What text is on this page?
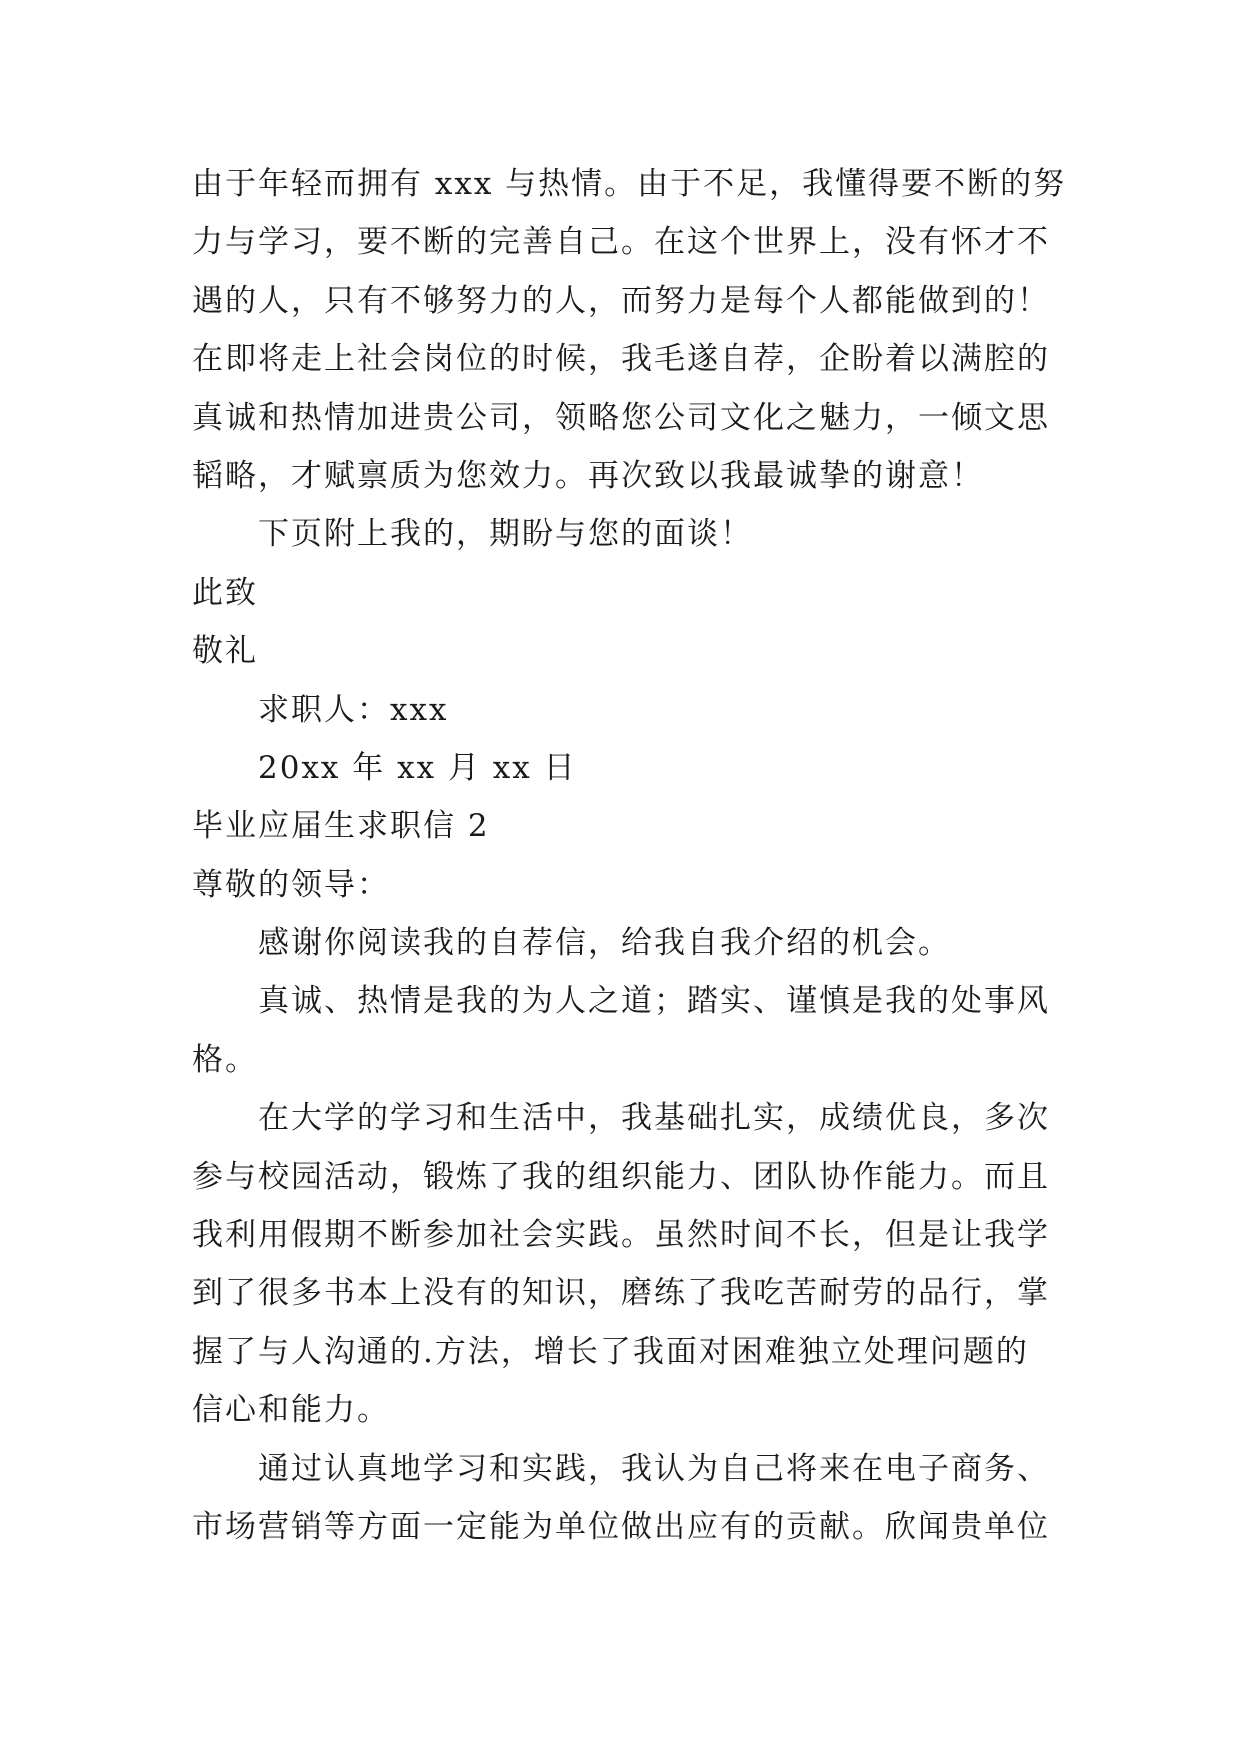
由于年轻而拥有 xxx 与热情。由于不足，我懂得要不断的努
力与学习，要不断的完善自己。在这个世界上，没有怀才不
遇的人，只有不够努力的人，而努力是每个人都能做到的！
在即将走上社会岗位的时候，我毛遂自荐，企盼着以满腔的
真诚和热情加进贵公司，领略您公司文化之魅力，一倾文思
韬略，才赋禀质为您效力。再次致以我最诚挚的谢意！
下页附上我的，期盼与您的面谈！
此致
敬礼
求职人：xxx
20xx 年 xx 月 xx 日
毕业应届生求职信 2
尊敬的领导：
感谢你阅读我的自荐信，给我自我介绍的机会。
真诚、热情是我的为人之道；踏实、谨慎是我的处事风
格。
在大学的学习和生活中，我基础扎实，成绩优良，多次
参与校园活动，锻炼了我的组织能力、团队协作能力。而且
我利用假期不断参加社会实践。虽然时间不长，但是让我学
到了很多书本上没有的知识，磨练了我吃苦耐劳的品行，掌
握了与人沟通的.方法，增长了我面对困难独立处理问题的
信心和能力。
通过认真地学习和实践，我认为自己将来在电子商务、
市场营销等方面一定能为单位做出应有的贡献。欣闻贵单位
